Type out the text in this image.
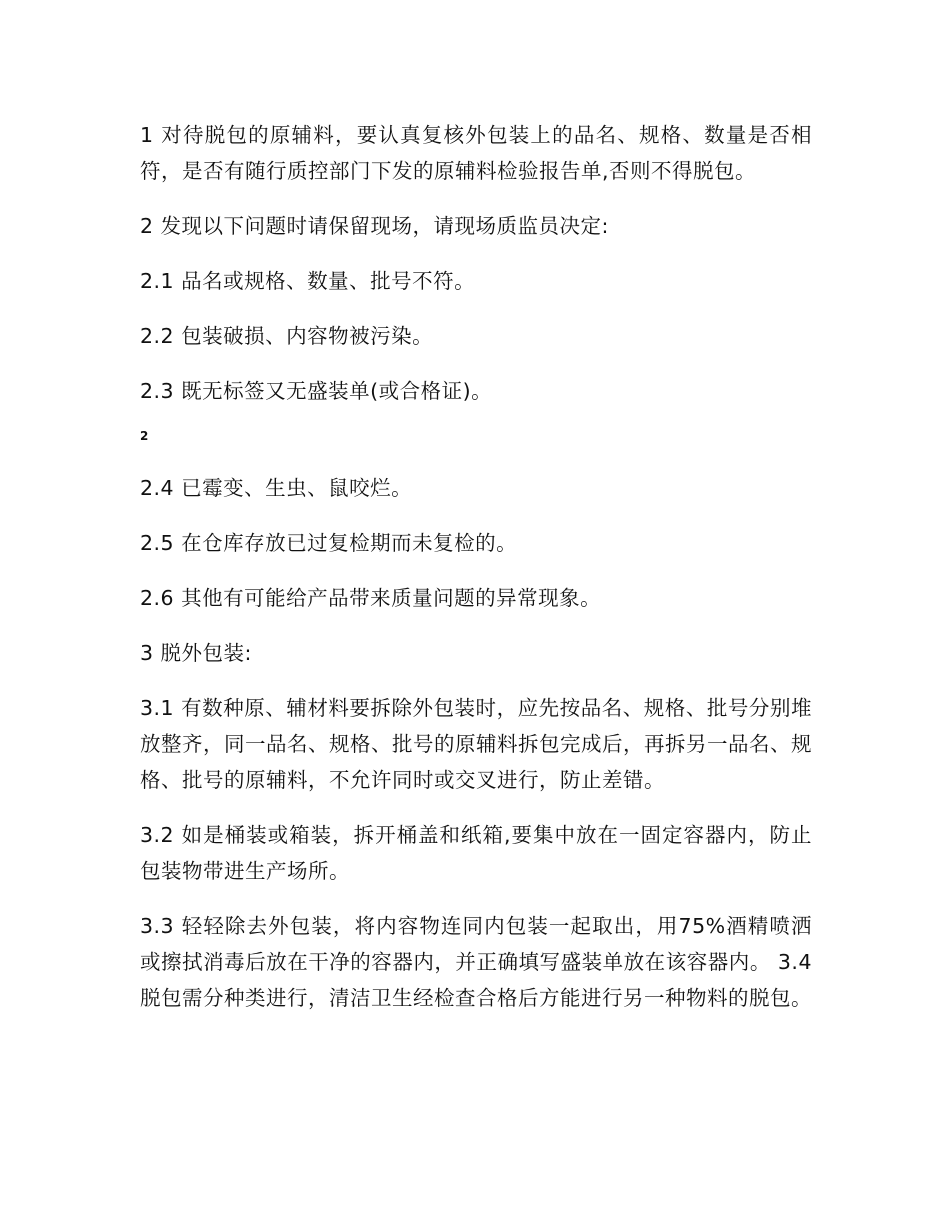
1 对待脱包的原辅料，要认真复核外包装上的品名、规格、数量是否相符，是否有随行质控部门下发的原辅料检验报告单,否则不得脱包。

2 发现以下问题时请保留现场，请现场质监员决定:

2.1 品名或规格、数量、批号不符。

2.2 包装破损、内容物被污染。

2.3 既无标签又无盛装单(或合格证)。

2

2.4 已霉变、生虫、鼠咬烂。

2.5 在仓库存放已过复检期而未复检的。

2.6 其他有可能给产品带来质量问题的异常现象。

3 脱外包装:

3.1 有数种原、辅材料要拆除外包装时，应先按品名、规格、批号分别堆放整齐，同一品名、规格、批号的原辅料拆包完成后，再拆另一品名、规格、批号的原辅料，不允许同时或交叉进行，防止差错。

3.2 如是桶装或箱装，拆开桶盖和纸箱,要集中放在一固定容器内，防止包装物带进生产场所。

3.3 轻轻除去外包装，将内容物连同内包装一起取出，用75%酒精喷洒或擦拭消毒后放在干净的容器内，并正确填写盛装单放在该容器内。 3.4 脱包需分种类进行，清洁卫生经检查合格后方能进行另一种物料的脱包。
